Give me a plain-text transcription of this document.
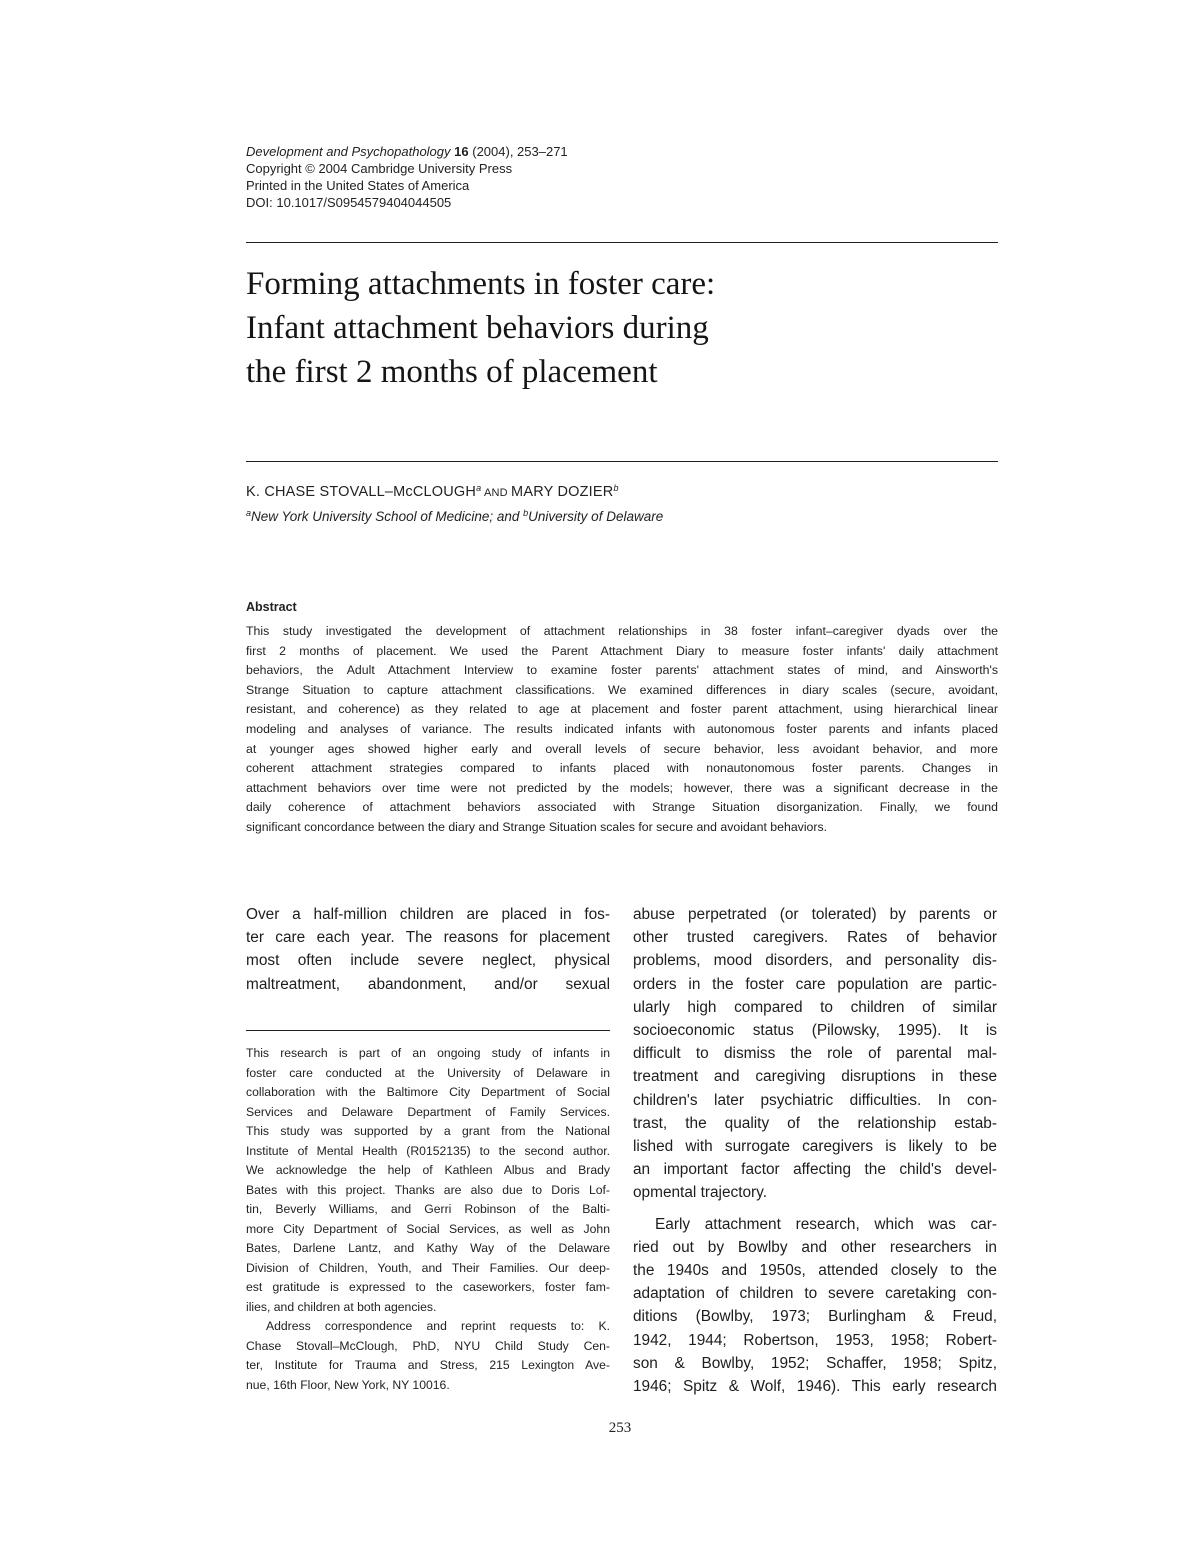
Development and Psychopathology 16 (2004), 253–271
Copyright © 2004 Cambridge University Press
Printed in the United States of America
DOI: 10.1017/S0954579404044505
Forming attachments in foster care:
Infant attachment behaviors during
the first 2 months of placement
K. CHASE STOVALL–McCLOUGH$^a$ AND MARY DOZIER$^b$
$^a$New York University School of Medicine; and $^b$University of Delaware
Abstract
This study investigated the development of attachment relationships in 38 foster infant–caregiver dyads over the
first 2 months of placement. We used the Parent Attachment Diary to measure foster infants' daily attachment
behaviors, the Adult Attachment Interview to examine foster parents' attachment states of mind, and Ainsworth's
Strange Situation to capture attachment classifications. We examined differences in diary scales (secure, avoidant,
resistant, and coherence) as they related to age at placement and foster parent attachment, using hierarchical linear
modeling and analyses of variance. The results indicated infants with autonomous foster parents and infants placed
at younger ages showed higher early and overall levels of secure behavior, less avoidant behavior, and more
coherent attachment strategies compared to infants placed with nonautonomous foster parents. Changes in
attachment behaviors over time were not predicted by the models; however, there was a significant decrease in the
daily coherence of attachment behaviors associated with Strange Situation disorganization. Finally, we found
significant concordance between the diary and Strange Situation scales for secure and avoidant behaviors.
Over a half-million children are placed in fos-
ter care each year. The reasons for placement
most often include severe neglect, physical
maltreatment, abandonment, and/or sexual
This research is part of an ongoing study of infants in
foster care conducted at the University of Delaware in
collaboration with the Baltimore City Department of Social
Services and Delaware Department of Family Services.
This study was supported by a grant from the National
Institute of Mental Health (R0152135) to the second author.
We acknowledge the help of Kathleen Albus and Brady
Bates with this project. Thanks are also due to Doris Lof-
tin, Beverly Williams, and Gerri Robinson of the Balti-
more City Department of Social Services, as well as John
Bates, Darlene Lantz, and Kathy Way of the Delaware
Division of Children, Youth, and Their Families. Our deep-
est gratitude is expressed to the caseworkers, foster fam-
ilies, and children at both agencies.
Address correspondence and reprint requests to: K.
Chase Stovall–McClough, PhD, NYU Child Study Cen-
ter, Institute for Trauma and Stress, 215 Lexington Ave-
nue, 16th Floor, New York, NY 10016.
abuse perpetrated (or tolerated) by parents or
other trusted caregivers. Rates of behavior
problems, mood disorders, and personality dis-
orders in the foster care population are partic-
ularly high compared to children of similar
socioeconomic status (Pilowsky, 1995). It is
difficult to dismiss the role of parental mal-
treatment and caregiving disruptions in these
children's later psychiatric difficulties. In con-
trast, the quality of the relationship estab-
lished with surrogate caregivers is likely to be
an important factor affecting the child's devel-
opmental trajectory.
Early attachment research, which was car-
ried out by Bowlby and other researchers in
the 1940s and 1950s, attended closely to the
adaptation of children to severe caretaking con-
ditions (Bowlby, 1973; Burlingham & Freud,
1942, 1944; Robertson, 1953, 1958; Robert-
son & Bowlby, 1952; Schaffer, 1958; Spitz,
1946; Spitz & Wolf, 1946). This early research
253
